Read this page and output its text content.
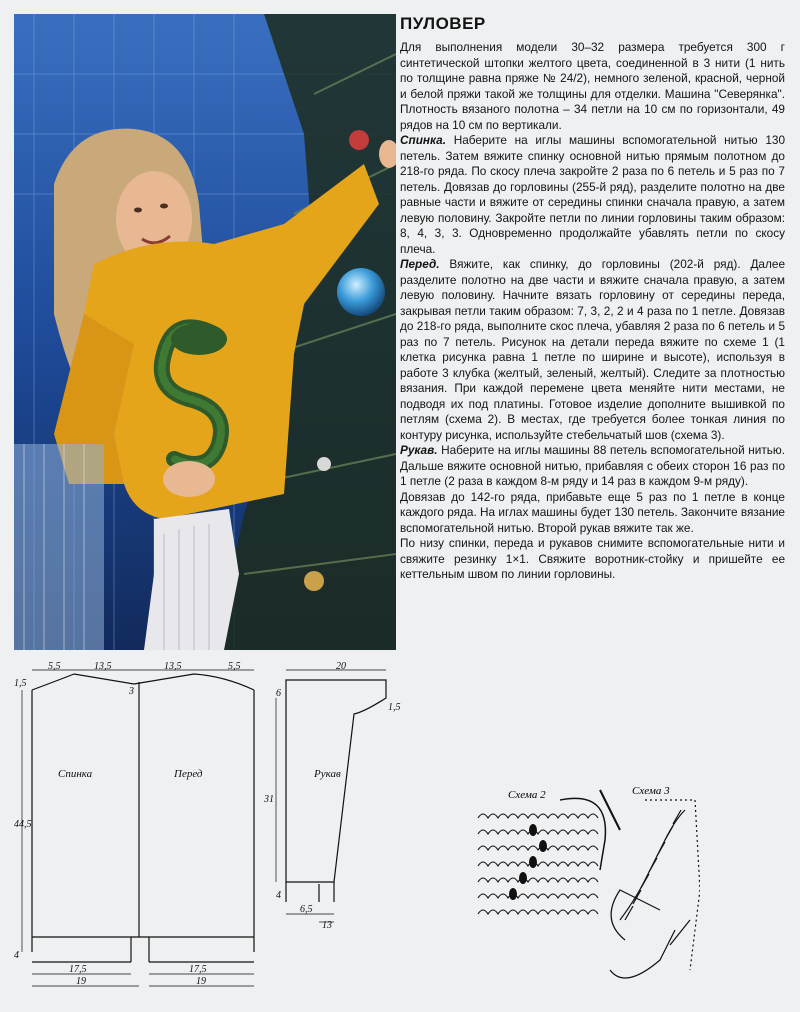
ПУЛОВЕР

Для выполнения модели 30–32 размера требуется 300 г синтетической штопки желтого цвета, соединенной в 3 нити (1 нить по толщине равна пряже № 24/2), немного зеленой, красной, черной и белой пряжи такой же толщины для отделки. Машина "Северянка". Плотность вязаного полотна – 34 петли на 10 см по горизонтали, 49 рядов на 10 см по вертикали.

Спинка. Наберите на иглы машины вспомогательной нитью 130 петель. Затем вяжите спинку основной нитью прямым полотном до 218-го ряда. По скосу плеча закройте 2 раза по 6 петель и 5 раз по 7 петель. Довязав до горловины (255-й ряд), разделите полотно на две равные части и вяжите от середины спинки сначала правую, а затем левую половину. Закройте петли по линии горловины таким образом: 8, 4, 3, 3. Одновременно продолжайте убавлять петли по скосу плеча.

Перед. Вяжите, как спинку, до горловины (202-й ряд). Далее разделите полотно на две части и вяжите сначала правую, а затем левую половину. Начните вязать горловину от середины переда, закрывая петли таким образом: 7, 3, 2, 2 и 4 раза по 1 петле. Довязав до 218-го ряда, выполните скос плеча, убавляя 2 раза по 6 петель и 5 раз по 7 петель. Рисунок на детали переда вяжите по схеме 1 (1 клетка рисунка равна 1 петле по ширине и высоте), используя в работе 3 клубка (желтый, зеленый, желтый). Следите за плотностью вязания. При каждой перемене цвета меняйте нити местами, не подводя их под платины. Готовое изделие дополните вышивкой по петлям (схема 2). В местах, где требуется более тонкая линия по контуру рисунка, используйте стебельчатый шов (схема 3).

Рукав. Наберите на иглы машины 88 петель вспомогательной нитью. Дальше вяжите основной нитью, прибавляя с обеих сторон 16 раз по 1 петле (2 раза в каждом 8-м ряду и 14 раз в каждом 9-м ряду).

Довязав до 142-го ряда, прибавьте еще 5 раз по 1 петле в конце каждого ряда. На иглах машины будет 130 петель. Закончите вязание вспомогательной нитью. Второй рукав вяжите так же.

По низу спинки, переда и рукавов снимите вспомогательные нити и свяжите резинку 1×1. Свяжите воротник-стойку и пришейте ее кеттельным швом по линии горловины.

5,5	13,5	13,5	5,5
1,5
3
44,5
4
17,5	17,5
19	19
Спинка	Перед	Рукав
20
6
1,5
31
4
6,5
13
Схема 2	Схема 3
